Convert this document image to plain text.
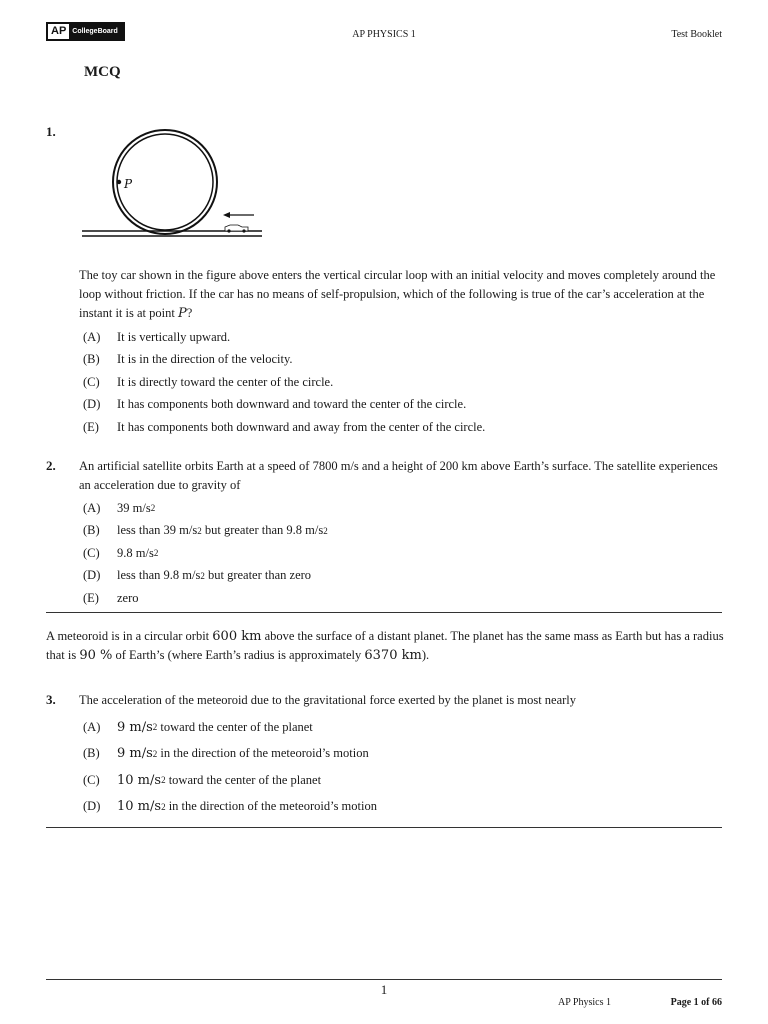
AP CollegeBoard	AP PHYSICS 1	Test Booklet
MCQ
1.
P
The toy car shown in the figure above enters the vertical circular loop with an initial velocity and moves completely around the loop without friction. If the car has no means of self-propulsion, which of the following is true of the car’s acceleration at the instant it is at point P?
(A)	It is vertically upward.
(B)	It is in the direction of the velocity.
(C)	It is directly toward the center of the circle.
(D)	It has components both downward and toward the center of the circle.
(E)	It has components both downward and away from the center of the circle.
2. An artificial satellite orbits Earth at a speed of 7800 m/s and a height of 200 km above Earth’s surface. The satellite experiences an acceleration due to gravity of
(A)	39 m/s 2
(B)	less than 39 m/s 2 but greater than 9.8 m/s 2
(C)	9.8 m/s 2
(D)	less than 9.8 m/s 2 but greater than zero
(E)	zero
A meteoroid is in a circular orbit 600 km above the surface of a distant planet. The planet has the same mass as Earth but has a radius that is 90 % of Earth’s (where Earth’s radius is approximately 6370 km).
3. The acceleration of the meteoroid due to the gravitational force exerted by the planet is most nearly
(A)	9 m/s 2 toward the center of the planet
(B)	9 m/s 2 in the direction of the meteoroid’s motion
(C)	10 m/s 2 toward the center of the planet
(D)	10 m/s 2 in the direction of the meteoroid’s motion
1
AP Physics 1	Page 1 of 66
